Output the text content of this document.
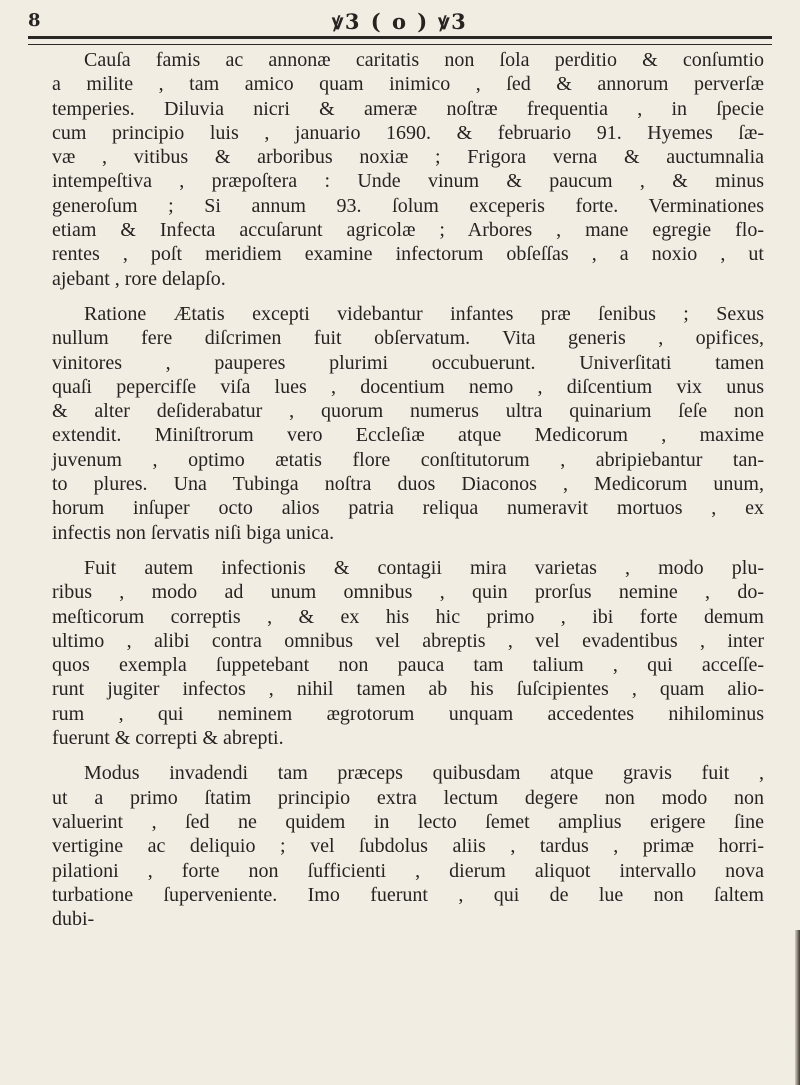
8	ꝟ3 ( o ) ꝟ3
Cauſa famis ac annonæ caritatis non ſola perditio & conſumtio
a milite , tam amico quam inimico , ſed & annorum perverſæ
temperies. Diluvia nicri & ameræ noſtræ frequentia , in ſpecie
cum principio luis , januario 1690. & februario 91. Hyemes ſæ-
væ , vitibus & arboribus noxiæ ; Frigora verna & auctumnalia
intempeſtiva , præpoſtera : Unde vinum & paucum , & minus
generoſum ; Si annum 93. ſolum exceperis forte. Verminationes
etiam & Infecta accuſarunt agricolæ ; Arbores , mane egregie flo-
rentes , poſt meridiem examine infectorum obſeſſas , a noxio , ut
ajebant , rore delapſo.
Ratione Ætatis excepti videbantur infantes præ ſenibus ; Sexus
nullum fere diſcrimen fuit obſervatum. Vita generis , opifices,
vinitores , pauperes plurimi occubuerunt. Univerſitati tamen
quaſi pepercifſe viſa lues , docentium nemo , diſcentium vix unus
& alter deſiderabatur , quorum numerus ultra quinarium ſeſe non
extendit. Miniſtrorum vero Eccleſiæ atque Medicorum , maxime
juvenum , optimo ætatis flore conſtitutorum , abripiebantur tan-
to plures. Una Tubinga noſtra duos Diaconos , Medicorum unum,
horum inſuper octo alios patria reliqua numeravit mortuos , ex
infectis non ſervatis niſi biga unica.
Fuit autem infectionis & contagii mira varietas , modo plu-
ribus , modo ad unum omnibus , quin prorſus nemine , do-
meſticorum correptis , & ex his hic primo , ibi forte demum
ultimo , alibi contra omnibus vel abreptis , vel evadentibus , inter
quos exempla ſuppetebant non pauca tam talium , qui acceſſe-
runt jugiter infectos , nihil tamen ab his ſuſcipientes , quam alio-
rum , qui neminem ægrotorum unquam accedentes nihilominus
fuerunt & correpti & abrepti.
Modus invadendi tam præceps quibusdam atque gravis fuit ,
ut a primo ſtatim principio extra lectum degere non modo non
valuerint , ſed ne quidem in lecto ſemet amplius erigere ſine
vertigine ac deliquio ; vel ſubdolus aliis , tardus , primæ horri-
pilationi , forte non ſufficienti , dierum aliquot intervallo nova
turbatione ſuperveniente. Imo fuerunt , qui de lue non ſaltem
dubi-
